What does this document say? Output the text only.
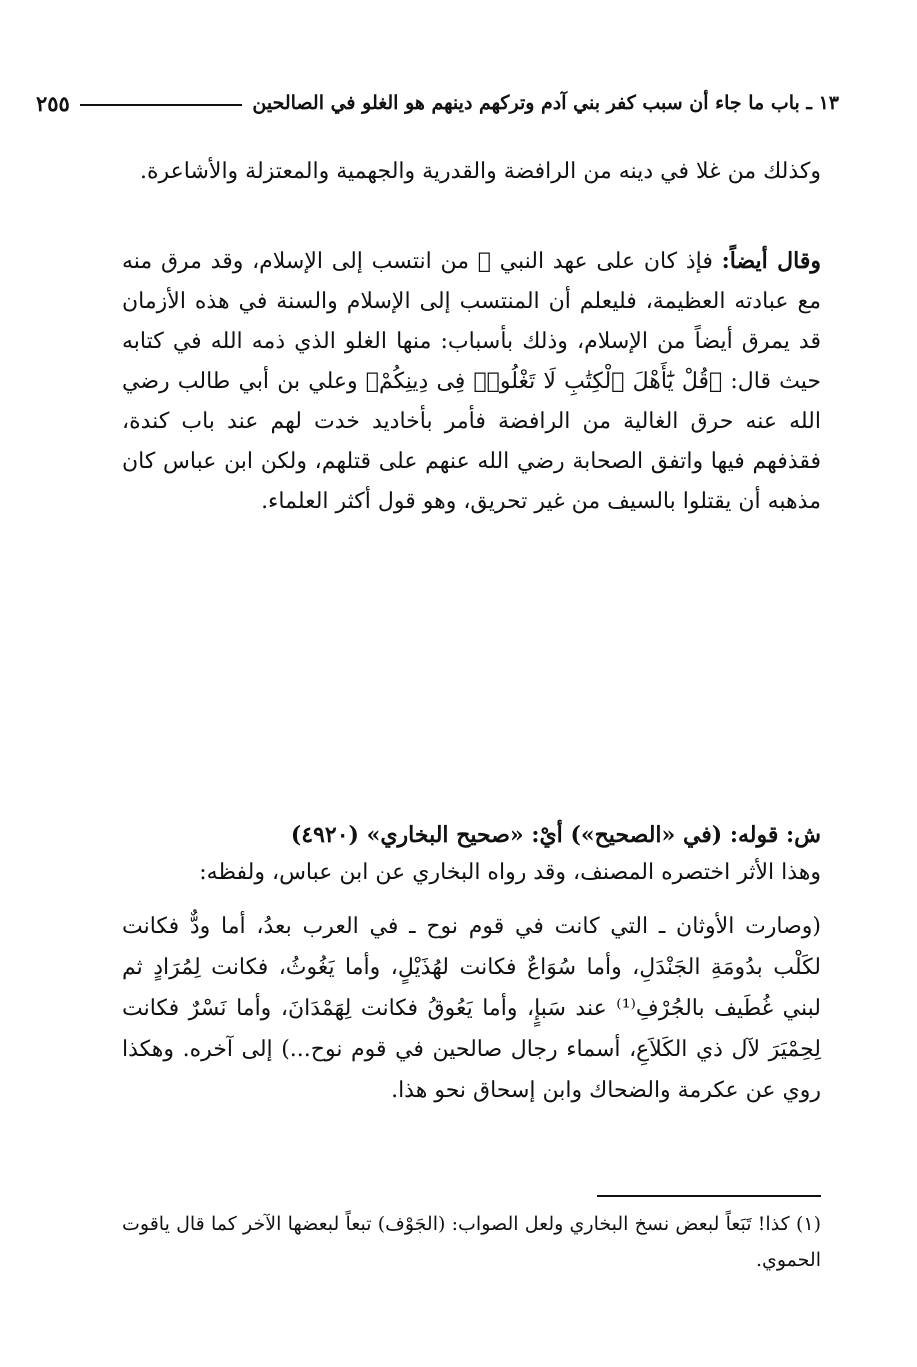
١٣ ـ باب ما جاء أن سبب كفر بني آدم وتركهم دينهم هو الغلو في الصالحين
٢٥٥

وكذلك من غلا في دينه من الرافضة والقدرية والجهمية والمعتزلة والأشاعرة.

وقال أيضاً: فإذ كان على عهد النبي ﷺ من انتسب إلى الإسلام، وقد مرق منه مع عبادته العظيمة، فليعلم أن المنتسب إلى الإسلام والسنة في هذه الأزمان قد يمرق أيضاً من الإسلام، وذلك بأسباب: منها الغلو الذي ذمه الله في كتابه حيث قال: ﴿قُلْ يَٰٓأَهْلَ ٱلْكِتَٰبِ لَا تَغْلُوا۟ فِى دِينِكُمْ﴾ وعلي بن أبي طالب رضي الله عنه حرق الغالية من الرافضة فأمر بأخاديد خدت لهم عند باب كندة، فقذفهم فيها واتفق الصحابة رضي الله عنهم على قتلهم، ولكن ابن عباس كان مذهبه أن يقتلوا بالسيف من غير تحريق، وهو قول أكثر العلماء.

ش: قوله: (في «الصحيح») أيْ: «صحيح البخاري» (٤٩٢٠)

وهذا الأثر اختصره المصنف، وقد رواه البخاري عن ابن عباس، ولفظه:

(وصارت الأوثان ـ التي كانت في قوم نوح ـ في العرب بعدُ، أما ودٌّ فكانت لكَلْب بدُومَةِ الجَنْدَلِ، وأما سُوَاعٌ فكانت لهُذَيْلٍ، وأما يَغُوثُ، فكانت لِمُرَادٍ ثم لبني غُطَيف بالجُرْفِ⁽¹⁾ عند سَبإٍ، وأما يَعُوقُ فكانت لِهَمْدَانَ، وأما نَسْرٌ فكانت لِحِمْيَرَ لآل ذي الكَلاَعِ، أسماء رجال صالحين في قوم نوح...) إلى آخره. وهكذا روي عن عكرمة والضحاك وابن إسحاق نحو هذا.

(١) كذا! تَبَعاً لبعض نسخ البخاري ولعل الصواب: (الجَوْف) تبعاً لبعضها الآخر كما قال ياقوت الحموي.
